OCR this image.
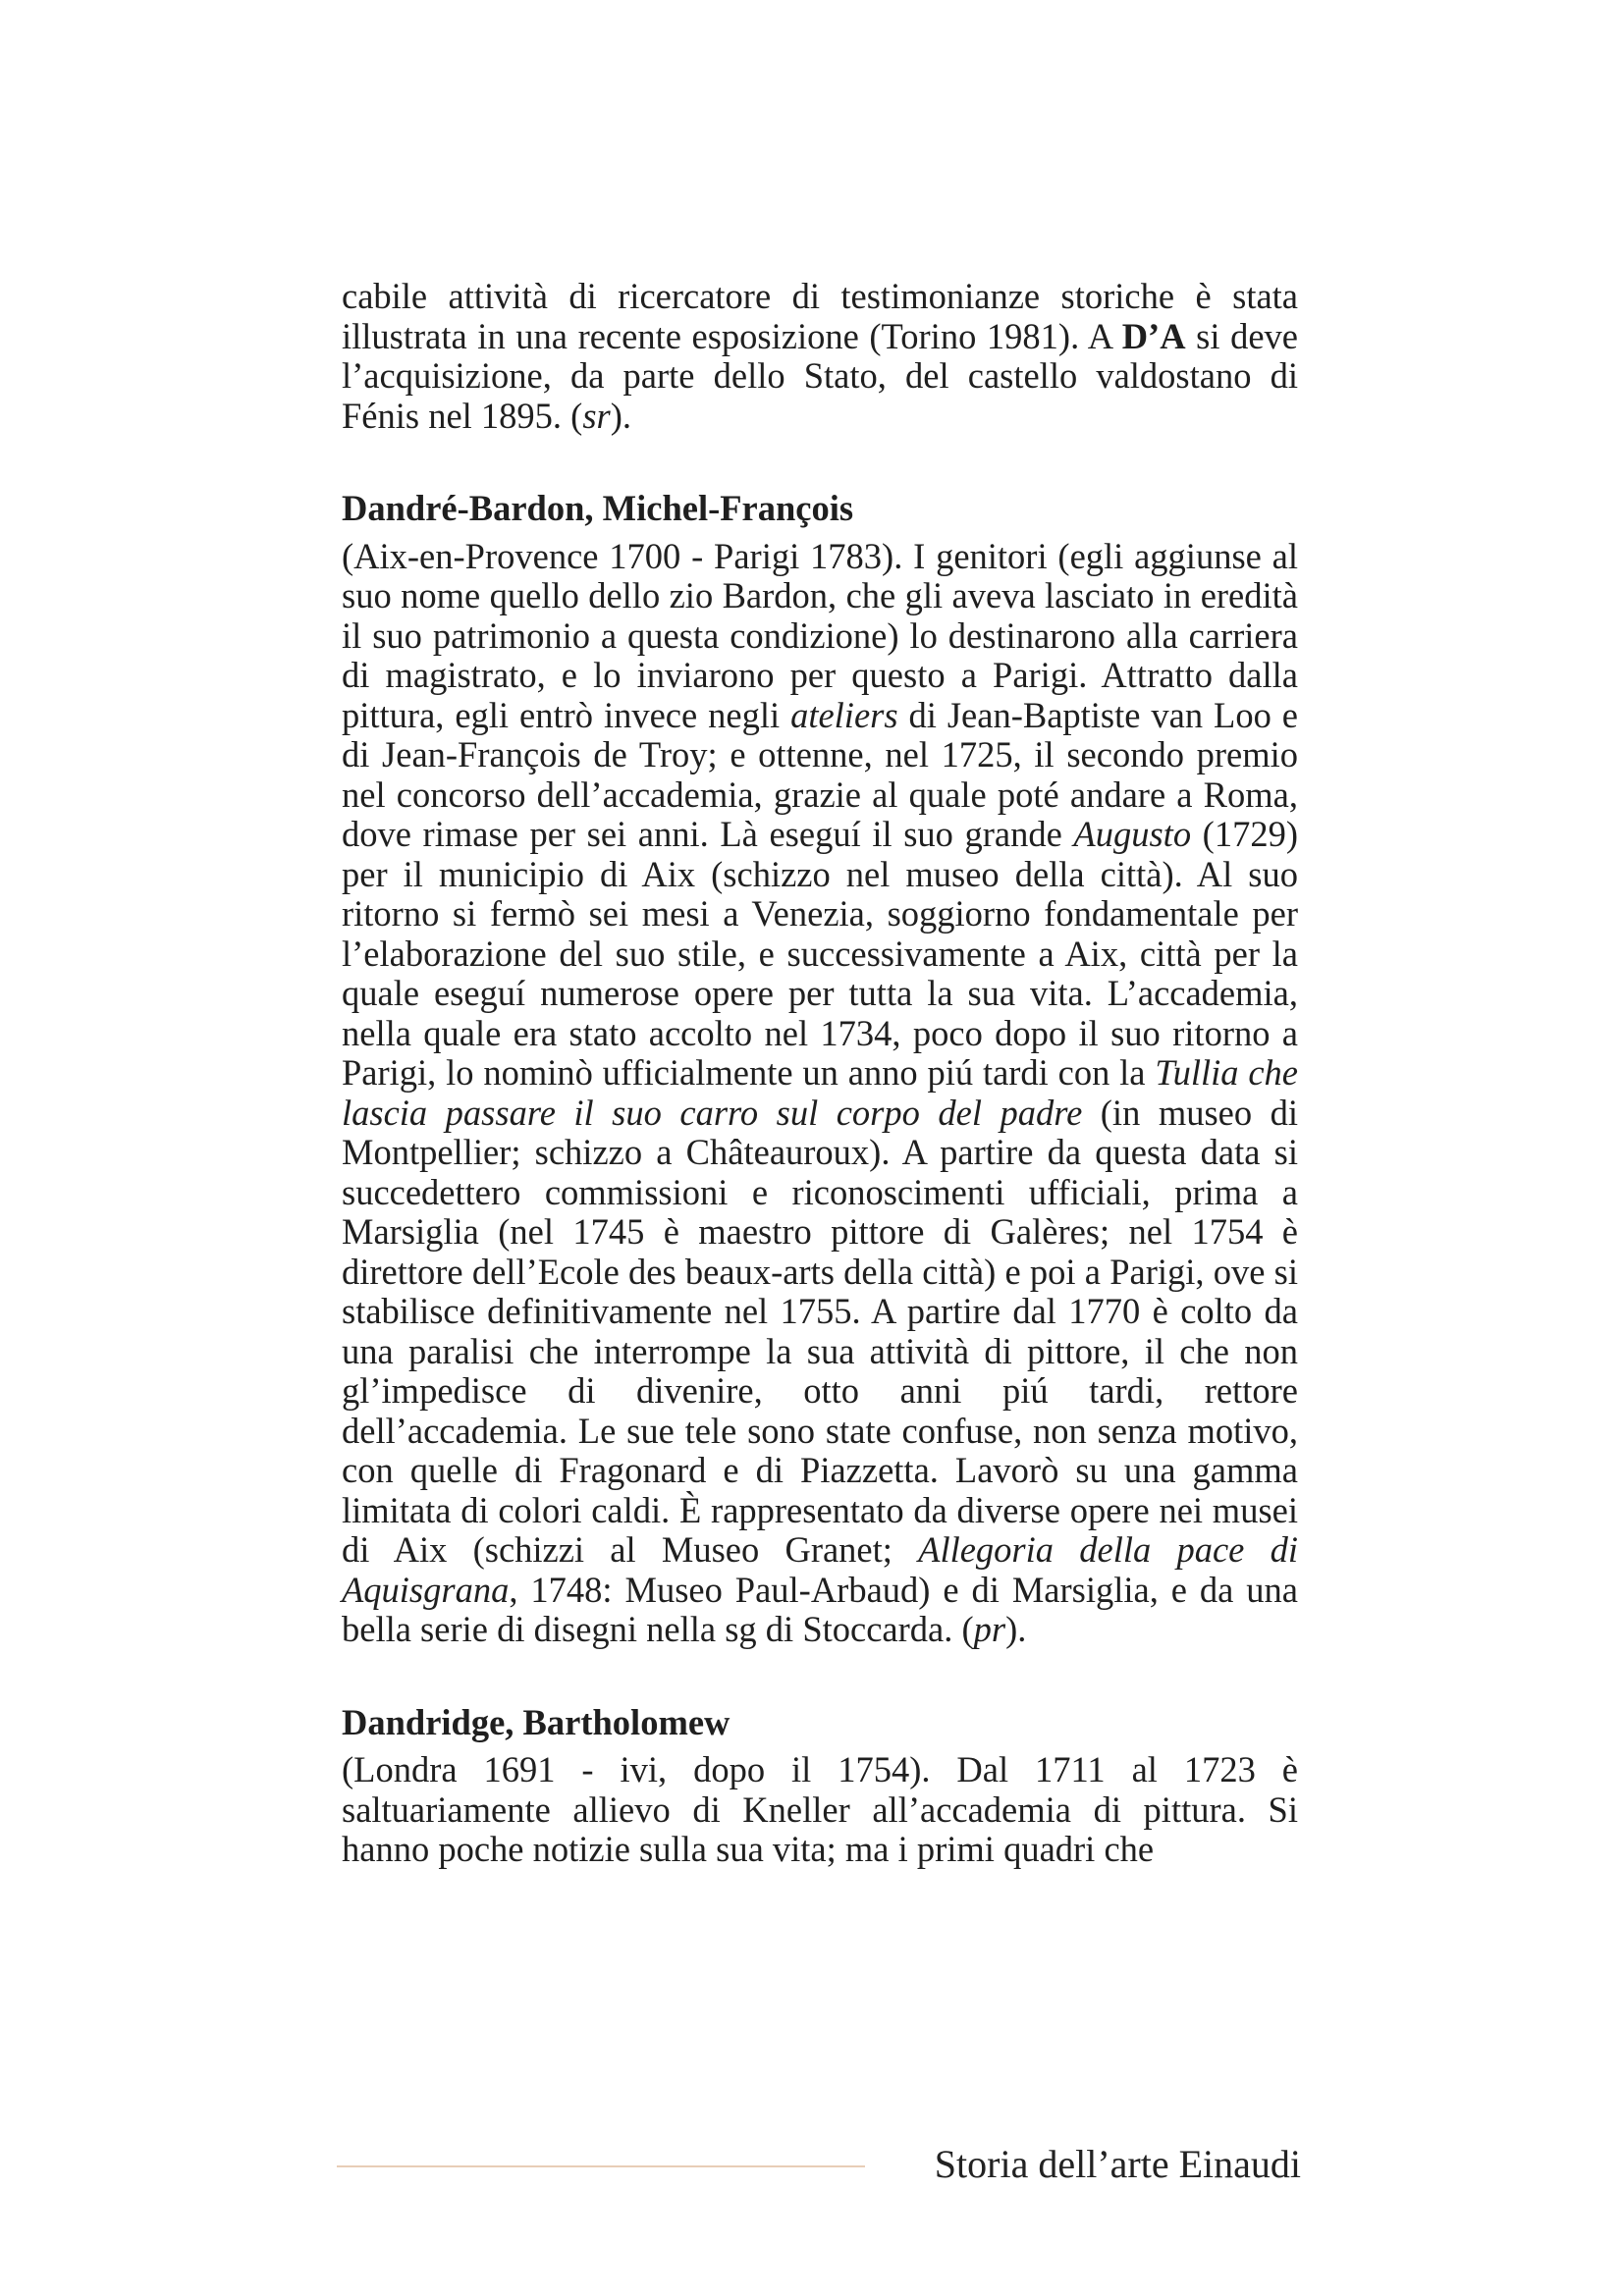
cabile attività di ricercatore di testimonianze storiche è stata illustrata in una recente esposizione (Torino 1981). A D’A si deve l’acquisizione, da parte dello Stato, del castello valdostano di Fénis nel 1895. (sr).

Dandré-Bardon, Michel-François

(Aix-en-Provence 1700 - Parigi 1783). I genitori (egli aggiunse al suo nome quello dello zio Bardon, che gli aveva lasciato in eredità il suo patrimonio a questa condizione) lo destinarono alla carriera di magistrato, e lo inviarono per questo a Parigi. Attratto dalla pittura, egli entrò invece negli ateliers di Jean-Baptiste van Loo e di Jean-François de Troy; e ottenne, nel 1725, il secondo premio nel concorso dell’accademia, grazie al quale poté andare a Roma, dove rimase per sei anni. Là eseguí il suo grande Augusto (1729) per il municipio di Aix (schizzo nel museo della città). Al suo ritorno si fermò sei mesi a Venezia, soggiorno fondamentale per l’elaborazione del suo stile, e successivamente a Aix, città per la quale eseguí numerose opere per tutta la sua vita. L’accademia, nella quale era stato accolto nel 1734, poco dopo il suo ritorno a Parigi, lo nominò ufficialmente un anno piú tardi con la Tullia che lascia passare il suo carro sul corpo del padre (in museo di Montpellier; schizzo a Châteauroux). A partire da questa data si succedettero commissioni e riconoscimenti ufficiali, prima a Marsiglia (nel 1745 è maestro pittore di Galères; nel 1754 è direttore dell’Ecole des beaux-arts della città) e poi a Parigi, ove si stabilisce definitivamente nel 1755. A partire dal 1770 è colto da una paralisi che interrompe la sua attività di pittore, il che non gl’impedisce di divenire, otto anni piú tardi, rettore dell’accademia. Le sue tele sono state confuse, non senza motivo, con quelle di Fragonard e di Piazzetta. Lavorò su una gamma limitata di colori caldi. È rappresentato da diverse opere nei musei di Aix (schizzi al Museo Granet; Allegoria della pace di Aquisgrana, 1748: Museo Paul-Arbaud) e di Marsiglia, e da una bella serie di disegni nella sg di Stoccarda. (pr).

Dandridge, Bartholomew

(Londra 1691 - ivi, dopo il 1754). Dal 1711 al 1723 è saltuariamente allievo di Kneller all’accademia di pittura. Si hanno poche notizie sulla sua vita; ma i primi quadri che

Storia dell’arte Einaudi
